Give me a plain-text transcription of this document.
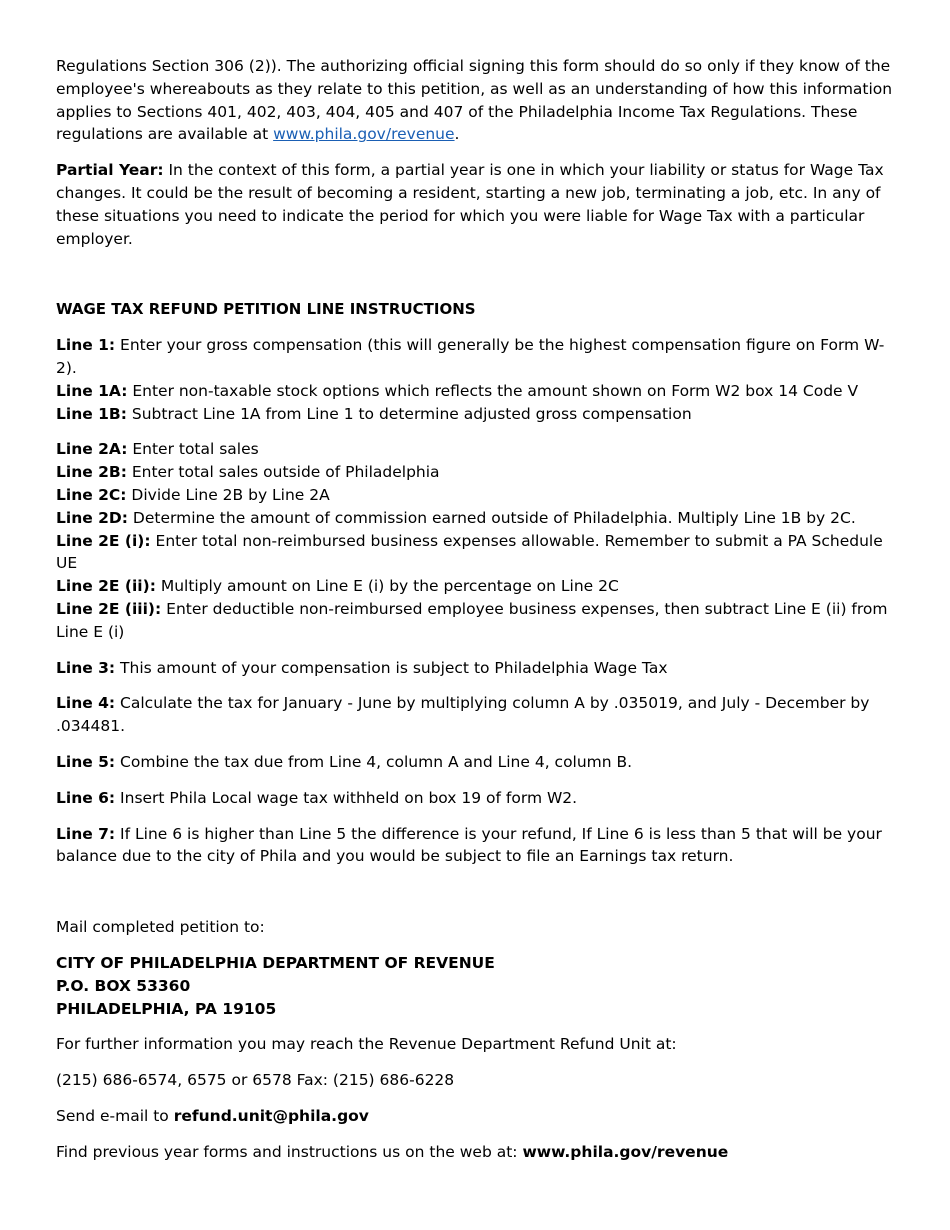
Regulations Section 306 (2)). The authorizing official signing this form should do so only if they know of the employee's whereabouts as they relate to this petition, as well as an understanding of how this information applies to Sections 401, 402, 403, 404, 405 and 407 of the Philadelphia Income Tax Regulations. These regulations are available at www.phila.gov/revenue.

Partial Year: In the context of this form, a partial year is one in which your liability or status for Wage Tax changes. It could be the result of becoming a resident, starting a new job, terminating a job, etc. In any of these situations you need to indicate the period for which you were liable for Wage Tax with a particular employer.

WAGE TAX REFUND PETITION LINE INSTRUCTIONS

Line 1: Enter your gross compensation (this will generally be the highest compensation figure on Form W-2).

Line 1A: Enter non-taxable stock options which reflects the amount shown on Form W2 box 14 Code V

Line 1B: Subtract Line 1A from Line 1 to determine adjusted gross compensation

Line 2A: Enter total sales

Line 2B: Enter total sales outside of Philadelphia

Line 2C: Divide Line 2B by Line 2A

Line 2D: Determine the amount of commission earned outside of Philadelphia. Multiply Line 1B by 2C.

Line 2E (i): Enter total non-reimbursed business expenses allowable. Remember to submit a PA Schedule UE

Line 2E (ii): Multiply amount on Line E (i) by the percentage on Line 2C

Line 2E (iii): Enter deductible non-reimbursed employee business expenses, then subtract Line E (ii) from Line E (i)

Line 3: This amount of your compensation is subject to Philadelphia Wage Tax

Line 4: Calculate the tax for January - June by multiplying column A by .035019, and July - December by .034481.

Line 5: Combine the tax due from Line 4, column A and Line 4, column B.

Line 6: Insert Phila Local wage tax withheld on box 19 of form W2.

Line 7: If Line 6 is higher than Line 5 the difference is your refund, If Line 6 is less than 5 that will be your balance due to the city of Phila and you would be subject to file an Earnings tax return.

Mail completed petition to:

CITY OF PHILADELPHIA DEPARTMENT OF REVENUE

P.O. BOX 53360

PHILADELPHIA, PA 19105

For further information you may reach the Revenue Department Refund Unit at:

(215) 686-6574, 6575 or 6578 Fax: (215) 686-6228

Send e-mail to refund.unit@phila.gov

Find previous year forms and instructions us on the web at: www.phila.gov/revenue
